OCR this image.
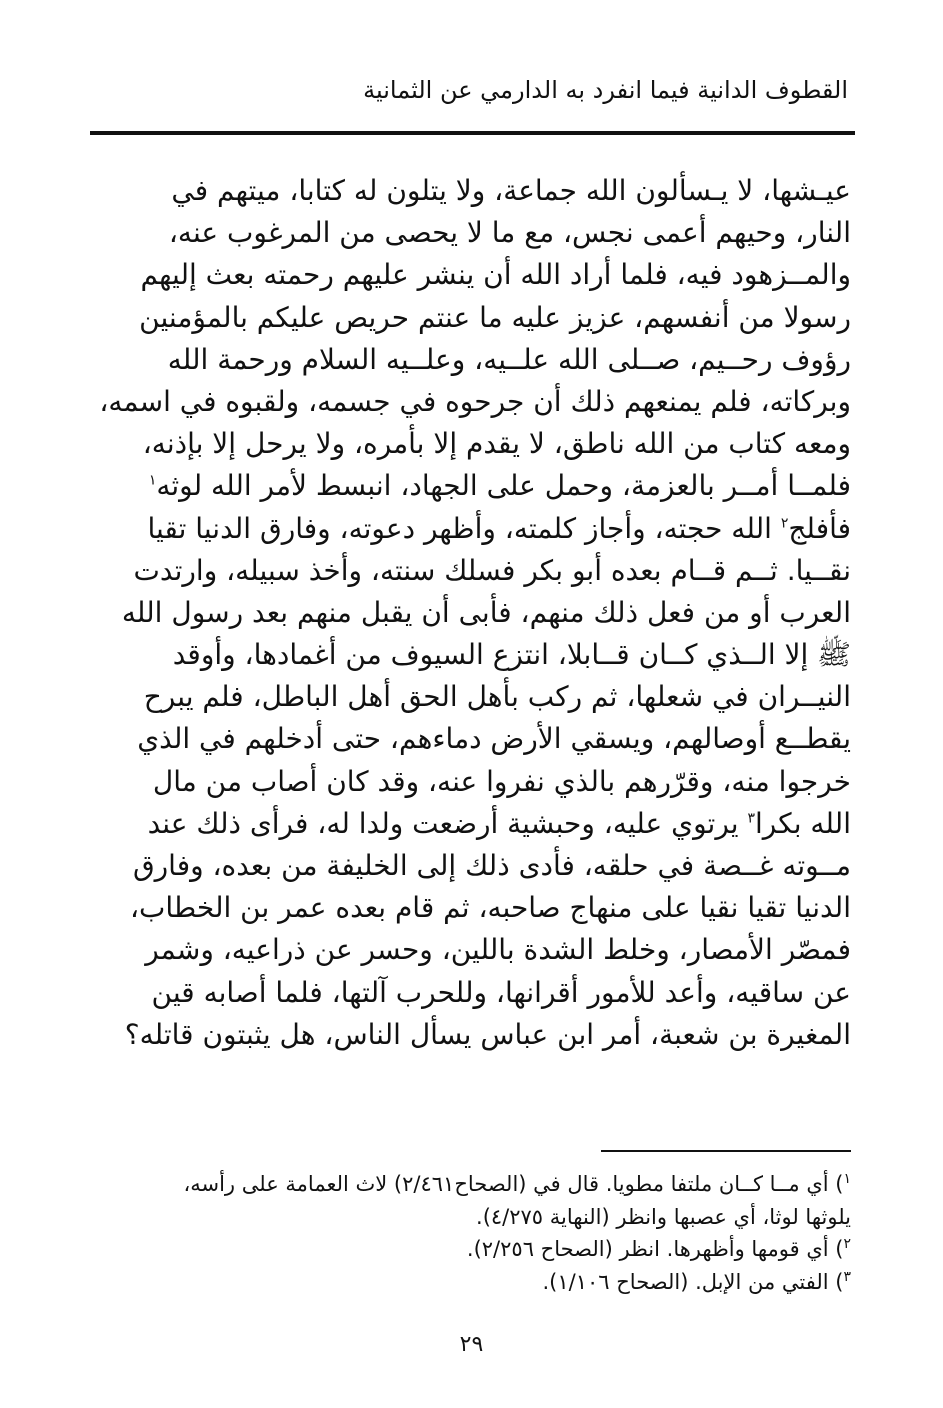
القطوف الدانية فيما انفرد به الدارمي عن الثمانية
عيـشها، لا يـسألون الله جماعة، ولا يتلون له كتابا، ميتهم في
النار، وحيهم أعمى نجس، مع ما لا يحصى من المرغوب عنه،
والمــزهود فيه، فلما أراد الله أن ينشر عليهم رحمته بعث إليهم
رسولا من أنفسهم، عزيز عليه ما عنتم حريص عليكم بالمؤمنين
رؤوف رحــيم، صــلى الله علــيه، وعلــيه السلام ورحمة الله
وبركاته، فلم يمنعهم ذلك أن جرحوه في جسمه، ولقبوه في اسمه،
ومعه كتاب من الله ناطق، لا يقدم إلا بأمره، ولا يرحل إلا بإذنه،
فلمــا أمــر بالعزمة، وحمل على الجهاد، انبسط لأمر الله لوثه$^١$
فأفلج$^٢$ الله حجته، وأجاز كلمته، وأظهر دعوته، وفارق الدنيا تقيا
نقــيا. ثــم قــام بعده أبو بكر فسلك سنته، وأخذ سبيله، وارتدت
العرب أو من فعل ذلك منهم، فأبى أن يقبل منهم بعد رسول الله
ﷺ إلا الــذي كــان قــابلا، انتزع السيوف من أغمادها، وأوقد
النيــران في شعلها، ثم ركب بأهل الحق أهل الباطل، فلم يبرح
يقطــع أوصالهم، ويسقي الأرض دماءهم، حتى أدخلهم في الذي
خرجوا منه، وقرّرهم بالذي نفروا عنه، وقد كان أصاب من مال
الله بكرا$^٣$ يرتوي عليه، وحبشية أرضعت ولدا له، فرأى ذلك عند
مــوته غــصة في حلقه، فأدى ذلك إلى الخليفة من بعده، وفارق
الدنيا تقيا نقيا على منهاج صاحبه، ثم قام بعده عمر بن الخطاب،
فمصّر الأمصار، وخلط الشدة باللين، وحسر عن ذراعيه، وشمر
عن ساقيه، وأعد للأمور أقرانها، وللحرب آلتها، فلما أصابه قين
المغيرة بن شعبة، أمر ابن عباس يسأل الناس، هل يثبتون قاتله؟
$^١$) أي مــا كــان ملتفا مطويا. قال في (الصحاح٢/٤٦١) لاث العمامة على رأسه،
يلوثها لوثا، أي عصبها وانظر (النهاية ٤/٢٧٥).
$^٢$) أي قومها وأظهرها. انظر (الصحاح ٢/٢٥٦).
$^٣$) الفتي من الإبل. (الصحاح ١/١٠٦).
٢٩
